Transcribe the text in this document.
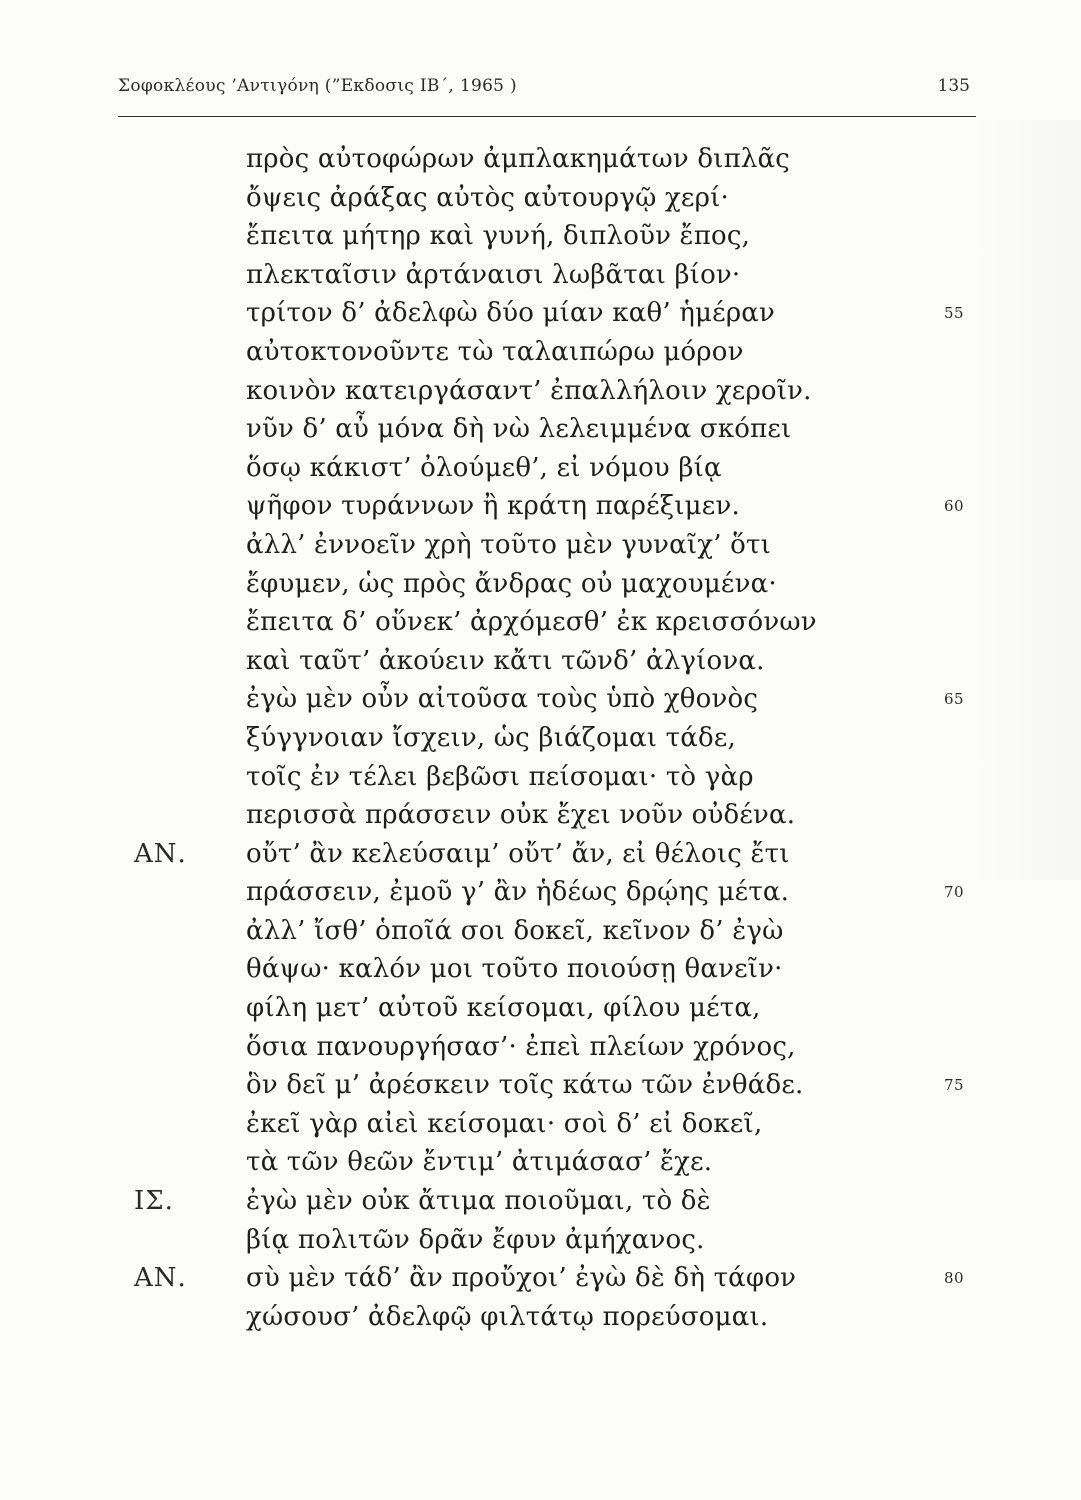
Σοφοκλέους ’Αντιγόνη (”Εκδοσις ΙΒ΄, 1965 )	135
πρὸς αὐτοφώρων ἀμπλακημάτων διπλᾶς
ὄψεις ἀράξας αὐτὸς αὐτουργῷ χερί·
ἔπειτα μήτηρ καὶ γυνή, διπλοῦν ἔπος,
πλεκταῖσιν ἀρτάναισι λωβᾶται βίον·
τρίτον δ’ ἀδελφὼ δύο μίαν καθ’ ἡμέραν	55
αὐτοκτονοῦντε τὼ ταλαιπώρω μόρον
κοινὸν κατειργάσαντ’ ἐπαλλήλοιν χεροῖν.
νῦν δ’ αὖ μόνα δὴ νὼ λελειμμένα σκόπει
ὅσῳ κάκιστ’ ὀλούμεθ’, εἰ νόμου βίᾳ
ψῆφον τυράννων ἢ κράτη παρέξιμεν.	60
ἀλλ’ ἐννοεῖν χρὴ τοῦτο μὲν γυναῖχ’ ὅτι
ἔφυμεν, ὡς πρὸς ἄνδρας οὐ μαχουμένα·
ἔπειτα δ’ οὕνεκ’ ἀρχόμεσθ’ ἐκ κρεισσόνων
καὶ ταῦτ’ ἀκούειν κἄτι τῶνδ’ ἀλγίονα.
ἐγὼ μὲν οὖν αἰτοῦσα τοὺς ὑπὸ χθονὸς	65
ξύγγνοιαν ἴσχειν, ὡς βιάζομαι τάδε,
τοῖς ἐν τέλει βεβῶσι πείσομαι· τὸ γὰρ
περισσὰ πράσσειν οὐκ ἔχει νοῦν οὐδένα.
ΑΝ. οὔτ’ ἂν κελεύσαιμ’ οὔτ’ ἄν, εἰ θέλοις ἔτι
πράσσειν, ἐμοῦ γ’ ἂν ἡδέως δρῴης μέτα.	70
ἀλλ’ ἴσθ’ ὁποῖά σοι δοκεῖ, κεῖνον δ’ ἐγὼ
θάψω· καλόν μοι τοῦτο ποιούσῃ θανεῖν·
φίλη μετ’ αὐτοῦ κείσομαι, φίλου μέτα,
ὅσια πανουργήσασ’· ἐπεὶ πλείων χρόνος,
ὃν δεῖ μ’ ἀρέσκειν τοῖς κάτω τῶν ἐνθάδε.	75
ἐκεῖ γὰρ αἰεὶ κείσομαι· σοὶ δ’ εἰ δοκεῖ,
τὰ τῶν θεῶν ἔντιμ’ ἀτιμάσασ’ ἔχε.
ΙΣ.	ἐγὼ μὲν οὐκ ἄτιμα ποιοῦμαι, τὸ δὲ
βίᾳ πολιτῶν δρᾶν ἔφυν ἀμήχανος.
ΑΝ. σὺ μὲν τάδ’ ἂν προὔχοι’ ἐγὼ δὲ δὴ τάφον	80
χώσουσ’ ἀδελφῷ φιλτάτῳ πορεύσομαι.
